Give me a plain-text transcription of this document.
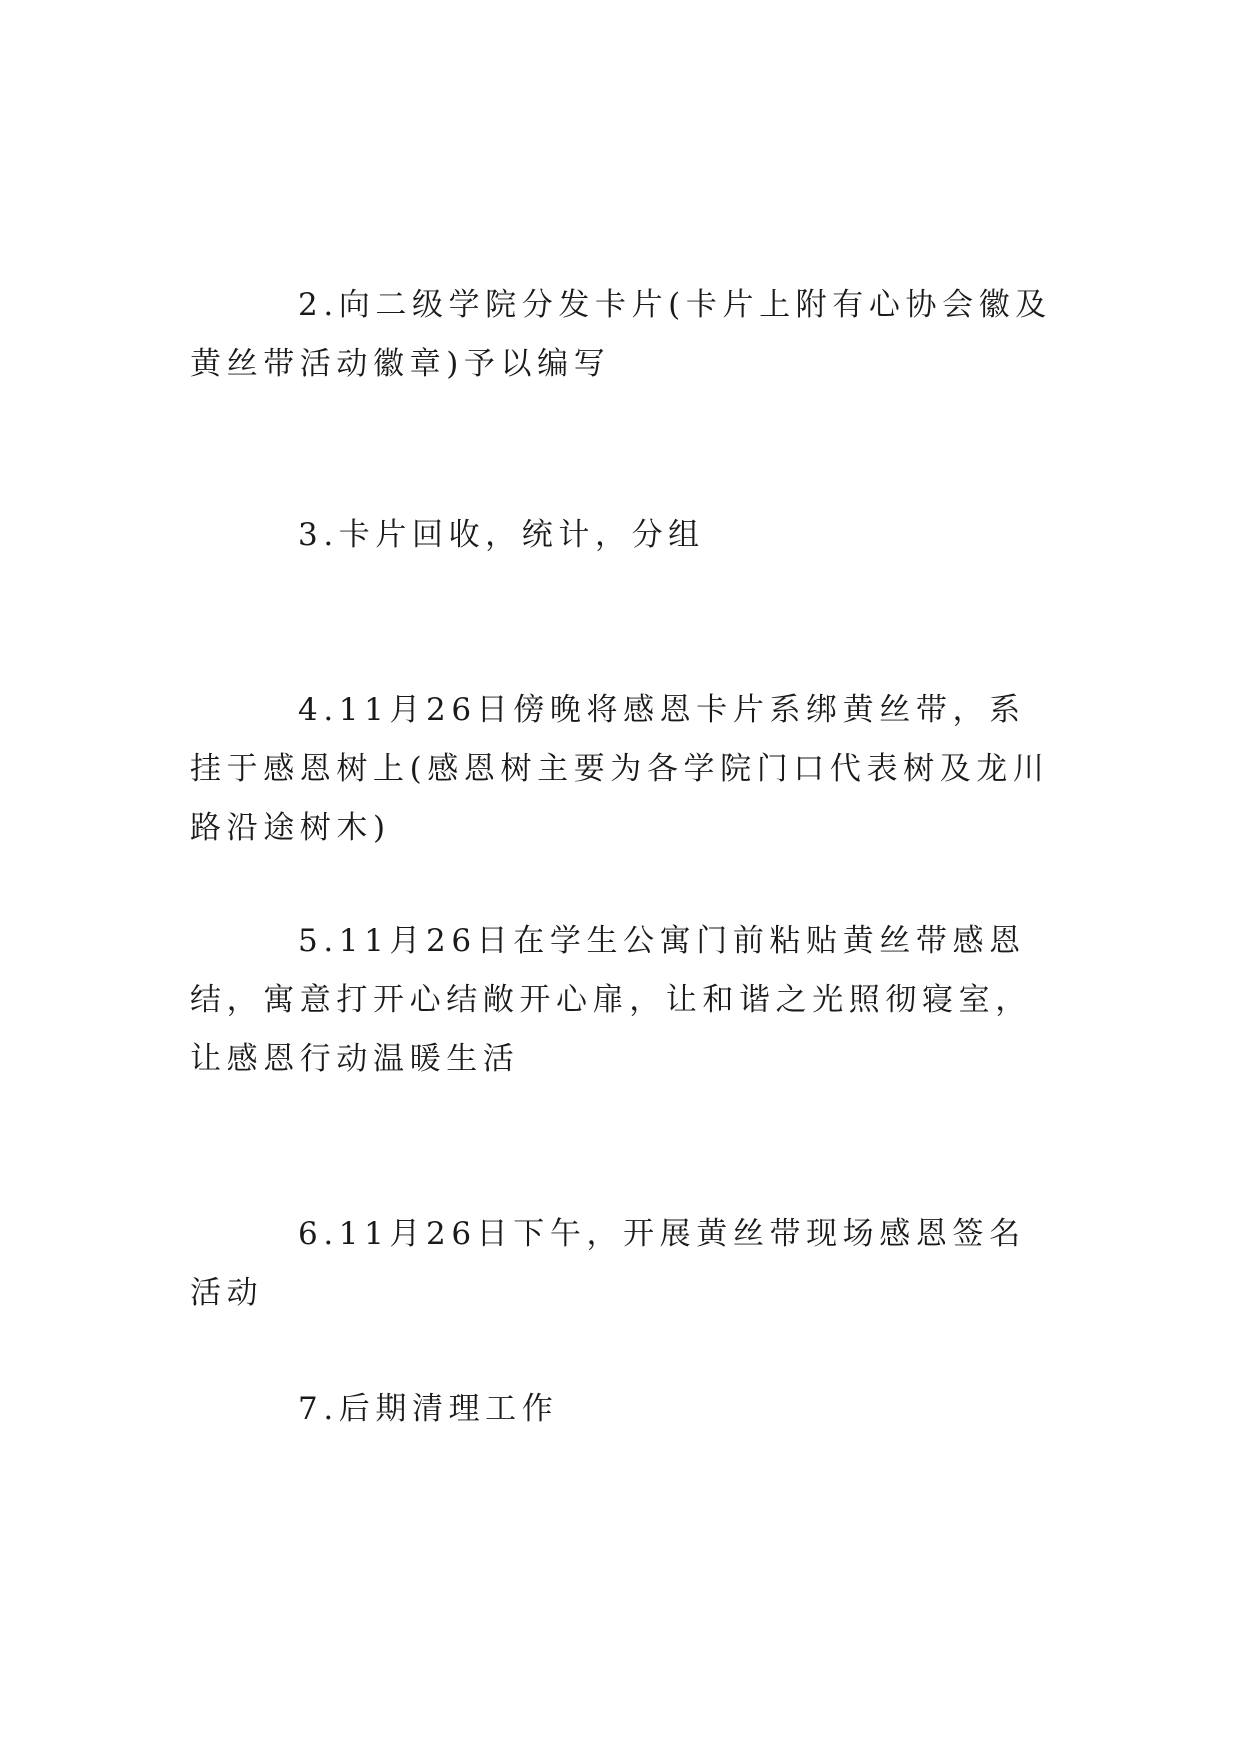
2.向二级学院分发卡片(卡片上附有心协会徽及黄丝带活动徽章)予以编写

3.卡片回收，统计，分组

4.11月26日傍晚将感恩卡片系绑黄丝带，系挂于感恩树上(感恩树主要为各学院门口代表树及龙川路沿途树木)

5.11月26日在学生公寓门前粘贴黄丝带感恩结，寓意打开心结敞开心扉，让和谐之光照彻寝室，让感恩行动温暖生活

6.11月26日下午，开展黄丝带现场感恩签名活动

7.后期清理工作
